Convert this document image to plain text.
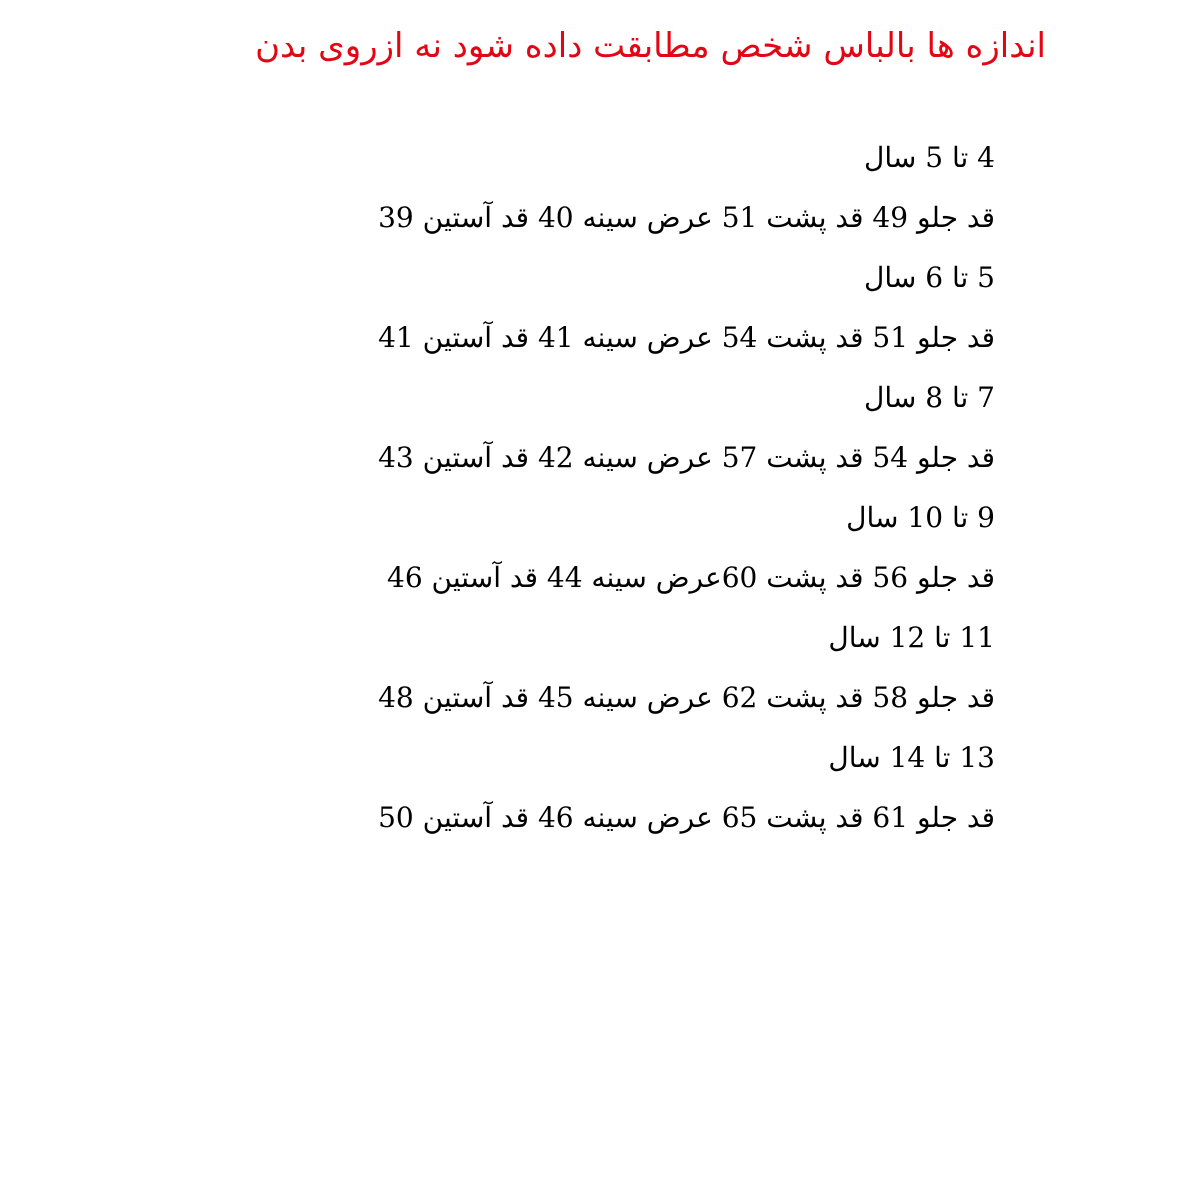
اندازه ها بالباس شخص مطابقت داده شود نه ازروی بدن
4 تا 5 سال
قد جلو 49 قد پشت 51 عرض سینه 40 قد آستین 39
5 تا 6 سال
قد جلو 51 قد پشت 54 عرض سینه 41 قد آستین 41
7 تا 8 سال
قد جلو 54 قد پشت 57 عرض سینه 42 قد آستین 43
9 تا 10 سال
قد جلو 56 قد پشت 60عرض سینه 44 قد آستین 46
11 تا 12 سال
قد جلو 58 قد پشت 62 عرض سینه 45 قد آستین 48
13 تا 14 سال
قد جلو 61 قد پشت 65 عرض سینه 46 قد آستین 50
